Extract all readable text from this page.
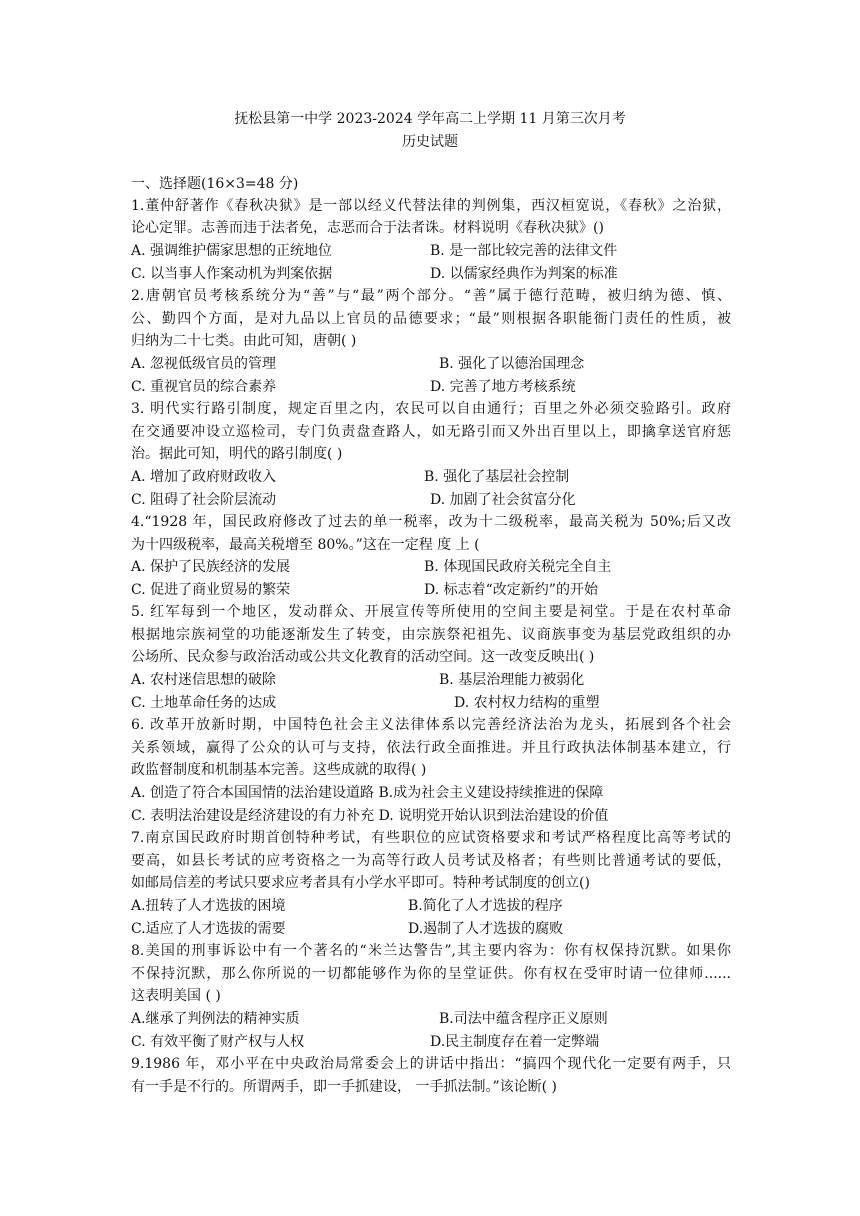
抚松县第一中学 2023-2024 学年高二上学期 11 月第三次月考
历史试题
一、选择题(16×3=48 分)
1.董仲舒著作《春秋决狱》是一部以经义代替法律的判例集，西汉桓宽说，《春秋》之治狱，
论心定罪。志善而违于法者免，志恶而合于法者诛。材料说明《春秋决狱》()
A. 强调维护儒家思想的正统地位	B. 是一部比较完善的法律文件
C. 以当事人作案动机为判案依据	D. 以儒家经典作为判案的标准
2.唐朝官员考核系统分为“善”与“最”两个部分。“善”属于德行范畴，被归纳为德、慎、
公、勤四个方面，是对九品以上官员的品德要求；“最”则根据各职能衙门责任的性质，被
归纳为二十七类。由此可知，唐朝( )
A. 忽视低级官员的管理	B. 强化了以德治国理念
C. 重视官员的综合素养	D. 完善了地方考核系统
3. 明代实行路引制度，规定百里之内，农民可以自由通行；百里之外必须交验路引。政府
在交通要冲设立巡检司，专门负责盘查路人，如无路引而又外出百里以上，即擒拿送官府惩
治。据此可知，明代的路引制度( )
A. 增加了政府财政收入	B. 强化了基层社会控制
C. 阻碍了社会阶层流动	D. 加剧了社会贫富分化
4.“1928 年，国民政府修改了过去的单一税率，改为十二级税率，最高关税为 50%;后又改
为十四级税率，最高关税增至 80%。”这在一定程 度 上 (
A. 保护了民族经济的发展	B. 体现国民政府关税完全自主
C. 促进了商业贸易的繁荣	D. 标志着“改定新约”的开始
5. 红军每到一个地区，发动群众、开展宣传等所使用的空间主要是祠堂。于是在农村革命
根据地宗族祠堂的功能逐渐发生了转变，由宗族祭祀祖先、议商族事变为基层党政组织的办
公场所、民众参与政治活动或公共文化教育的活动空间。这一改变反映出( )
A. 农村迷信思想的破除	B. 基层治理能力被弱化
C. 土地革命任务的达成	D. 农村权力结构的重塑
6. 改革开放新时期，中国特色社会主义法律体系以完善经济法治为龙头，拓展到各个社会
关系领域，赢得了公众的认可与支持，依法行政全面推进。并且行政执法体制基本建立，行
政监督制度和机制基本完善。这些成就的取得( )
A. 创造了符合本国国情的法治建设道路 B.成为社会主义建设持续推进的保障
C. 表明法治建设是经济建设的有力补充 D. 说明党开始认识到法治建设的价值
7.南京国民政府时期首创特种考试，有些职位的应试资格要求和考试严格程度比高等考试的
要高，如县长考试的应考资格之一为高等行政人员考试及格者；有些则比普通考试的要低，
如邮局信差的考试只要求应考者具有小学水平即可。特种考试制度的创立()
A.扭转了人才选拔的困境	B.简化了人才选拔的程序
C.适应了人才选拔的需要	D.遏制了人才选拔的腐败
8.美国的刑事诉讼中有一个著名的“米兰达警告”,其主要内容为：你有权保持沉默。如果你
不保持沉默，那么你所说的一切都能够作为你的呈堂证供。你有权在受审时请一位律师......
这表明美国 ( )
A.继承了判例法的精神实质	B.司法中蕴含程序正义原则
C. 有效平衡了财产权与人权	D.民主制度存在着一定弊端
9.1986 年，邓小平在中央政治局常委会上的讲话中指出：“搞四个现代化一定要有两手，只
有一手是不行的。所谓两手，即一手抓建设， 一手抓法制。”该论断( )
